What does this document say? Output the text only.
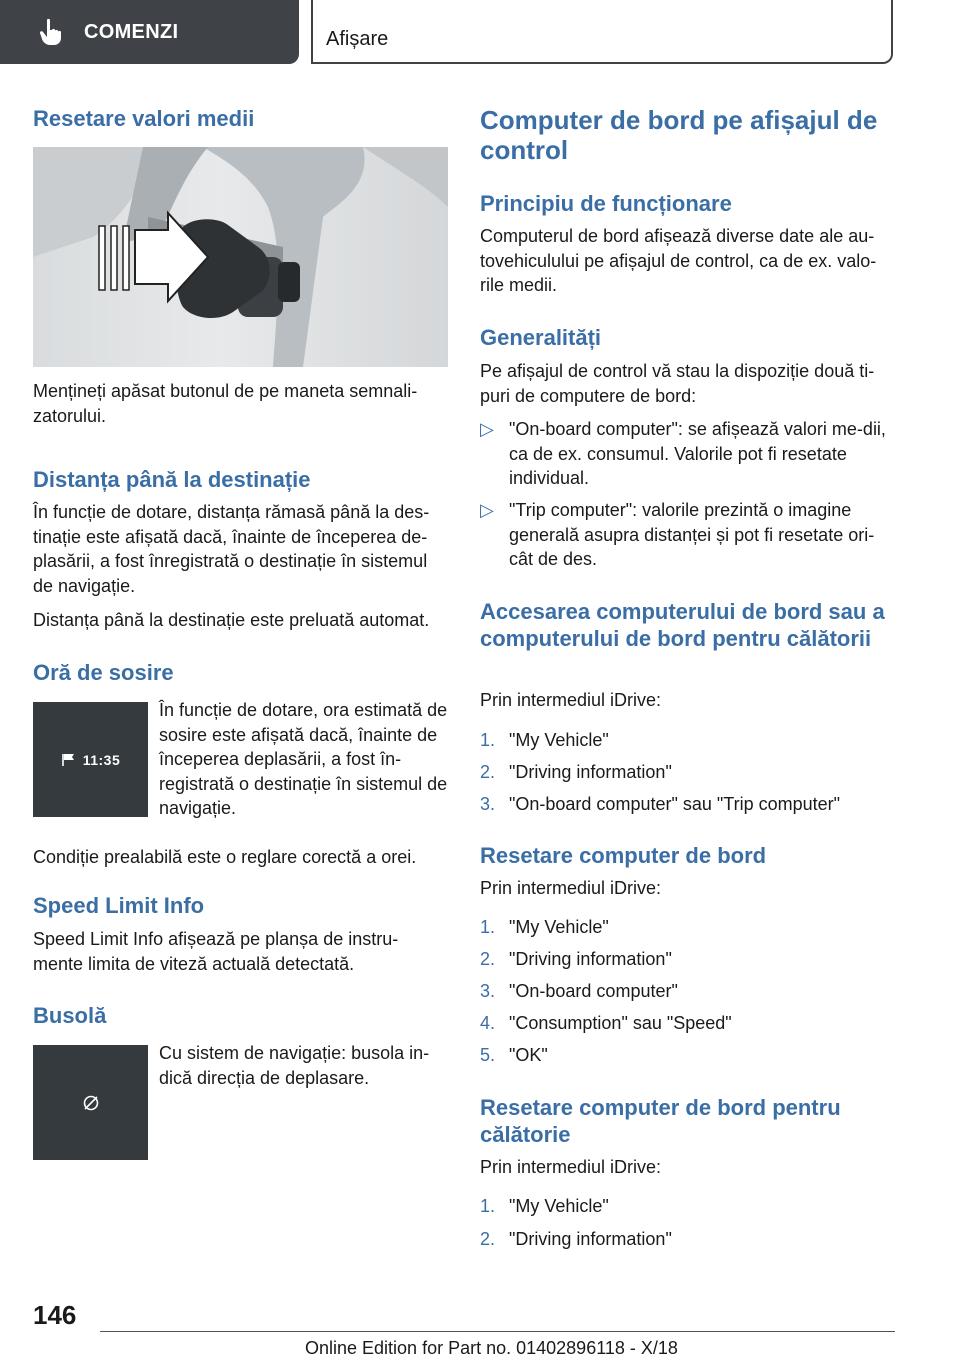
COMENZI	Afișare
Resetare valori medii

Mențineți apăsat butonul de pe maneta semnali-zatorului.

Distanța până la destinație

În funcție de dotare, distanța rămasă până la des-tinație este afișată dacă, înainte de începerea de-plasării, a fost înregistrată o destinație în sistemul de navigație.

Distanța până la destinație este preluată automat.

Oră de sosire
11:35

În funcție de dotare, ora estimată de sosire este afișată dacă, înainte de începerea deplasării, a fost în-registrată o destinație în sistemul de navigație.

Condiție prealabilă este o reglare corectă a orei.

Speed Limit Info

Speed Limit Info afișează pe planșa de instru-mente limita de viteză actuală detectată.

Busolă

Cu sistem de navigație: busola in-dică direcția de deplasare.

Computer de bord pe afișajul de control
Principiu de funcționare

Computerul de bord afișează diverse date ale au-tovehiculului pe afișajul de control, ca de ex. valo-rile medii.

Generalități

Pe afișajul de control vă stau la dispoziție două ti-puri de computere de bord:

▷ "On-board computer": se afișează valori me-dii, ca de ex. consumul. Valorile pot fi resetate individual.
▷ "Trip computer": valorile prezintă o imagine generală asupra distanței și pot fi resetate ori-cât de des.
Accesarea computerului de bord sau a computerului de bord pentru călătorii

Prin intermediul iDrive:

1. "My Vehicle"
2. "Driving information"
3. "On-board computer" sau "Trip computer"
Resetare computer de bord

Prin intermediul iDrive:

1. "My Vehicle"
2. "Driving information"
3. "On-board computer"
4. "Consumption" sau "Speed"
5. "OK"
Resetare computer de bord pentru călătorie

Prin intermediul iDrive:

1. "My Vehicle"
2. "Driving information"
146
Online Edition for Part no. 01402896118 - X/18
